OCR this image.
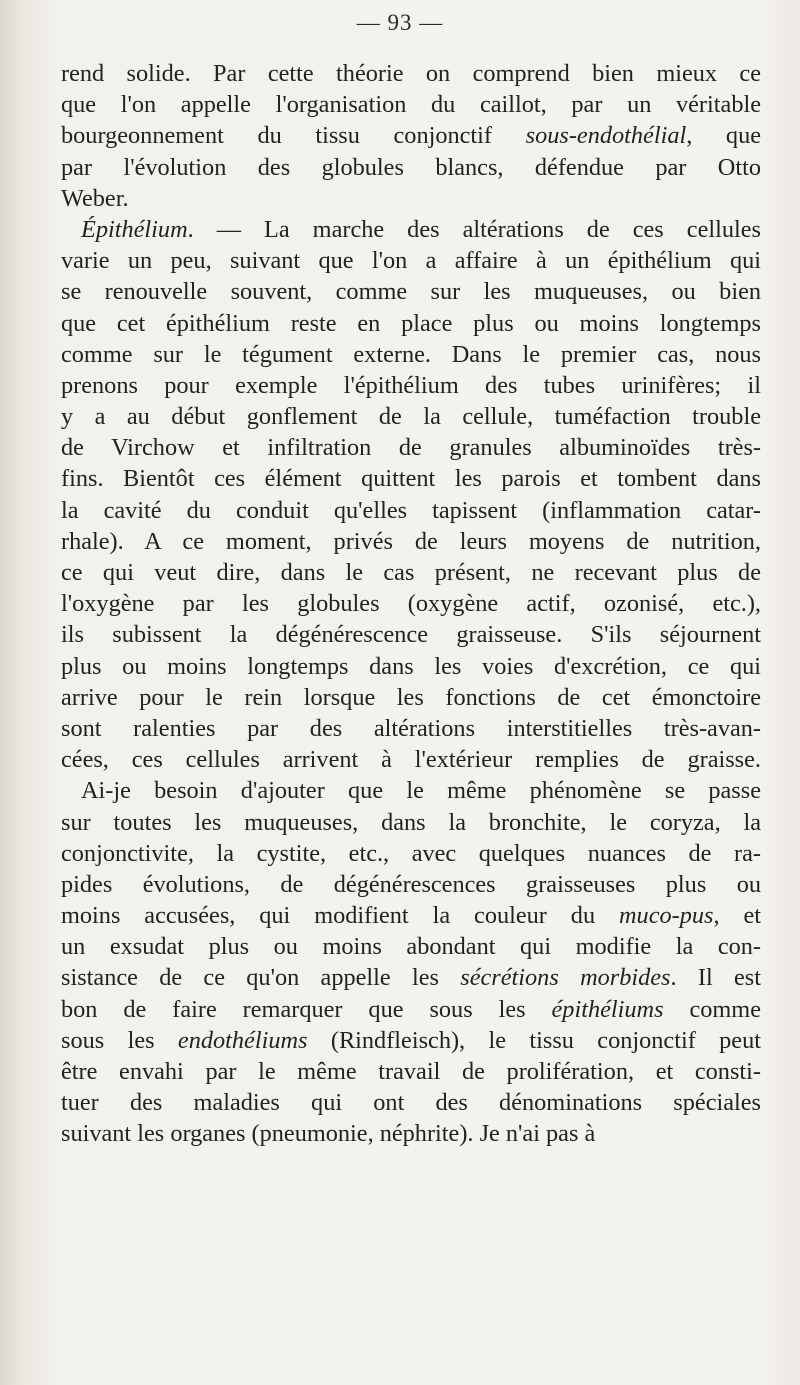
— 93 —
rend solide. Par cette théorie on comprend bien mieux ce
que l'on appelle l'organisation du caillot, par un véritable
bourgeonnement du tissu conjonctif sous-endothélial, que
par l'évolution des globules blancs, défendue par Otto
Weber.
Épithélium. — La marche des altérations de ces cellules
varie un peu, suivant que l'on a affaire à un épithélium qui
se renouvelle souvent, comme sur les muqueuses, ou bien
que cet épithélium reste en place plus ou moins longtemps
comme sur le tégument externe. Dans le premier cas, nous
prenons pour exemple l'épithélium des tubes urinifères; il
y a au début gonflement de la cellule, tuméfaction trouble
de Virchow et infiltration de granules albuminoïdes très-
fins. Bientôt ces élément quittent les parois et tombent dans
la cavité du conduit qu'elles tapissent (inflammation catar-
rhale). A ce moment, privés de leurs moyens de nutrition,
ce qui veut dire, dans le cas présent, ne recevant plus de
l'oxygène par les globules (oxygène actif, ozonisé, etc.),
ils subissent la dégénérescence graisseuse. S'ils séjournent
plus ou moins longtemps dans les voies d'excrétion, ce qui
arrive pour le rein lorsque les fonctions de cet émonctoire
sont ralenties par des altérations interstitielles très-avan-
cées, ces cellules arrivent à l'extérieur remplies de graisse.
Ai-je besoin d'ajouter que le même phénomène se passe
sur toutes les muqueuses, dans la bronchite, le coryza, la
conjonctivite, la cystite, etc., avec quelques nuances de ra-
pides évolutions, de dégénérescences graisseuses plus ou
moins accusées, qui modifient la couleur du muco-pus, et
un exsudat plus ou moins abondant qui modifie la con-
sistance de ce qu'on appelle les sécrétions morbides. Il est
bon de faire remarquer que sous les épithéliums comme
sous les endothéliums (Rindfleisch), le tissu conjonctif peut
être envahi par le même travail de prolifération, et consti-
tuer des maladies qui ont des dénominations spéciales
suivant les organes (pneumonie, néphrite). Je n'ai pas à
